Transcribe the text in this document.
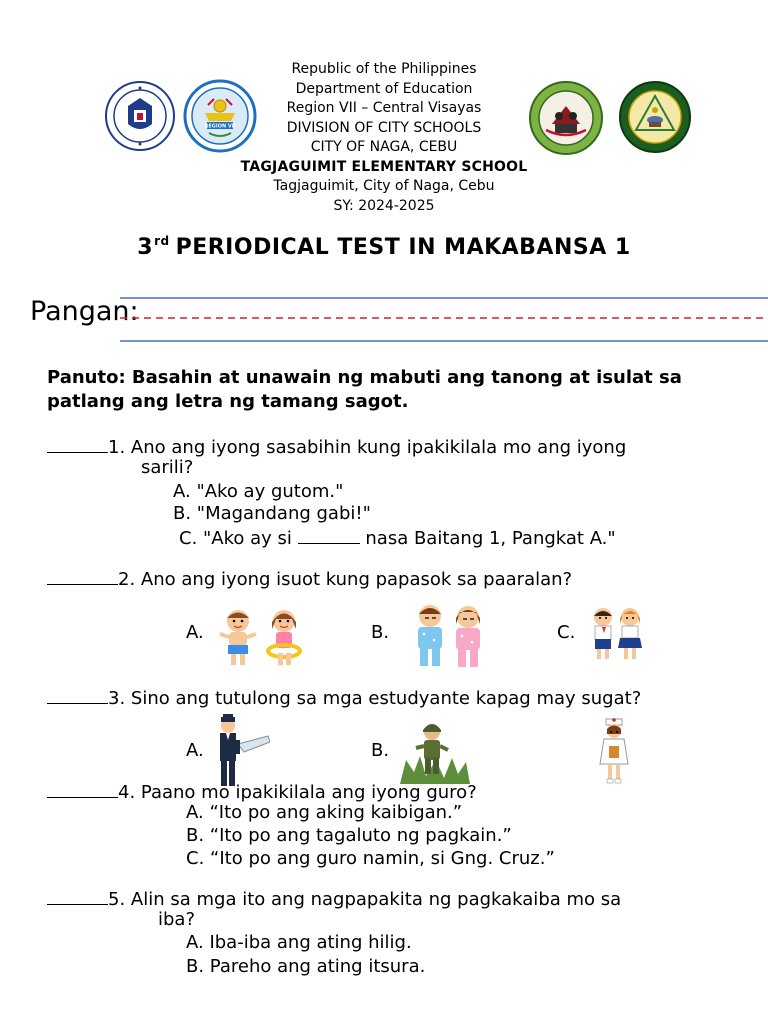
REGION VII
Republic of the Philippines
Department of Education
Region VII – Central Visayas
DIVISION OF CITY SCHOOLS
CITY OF NAGA, CEBU
TAGJAGUIMIT ELEMENTARY SCHOOL
Tagjaguimit, City of Naga, Cebu
SY: 2024-2025
3rd PERIODICAL TEST IN MAKABANSA 1
Pangan:
Panuto: Basahin at unawain ng mabuti ang tanong at isulat sa patlang ang letra ng tamang sagot.
1. Ano ang iyong sasabihin kung ipakikilala mo ang iyong
sarili?
A. "Ako ay gutom."
B. "Magandang gabi!"
C. "Ako ay si	nasa Baitang 1, Pangkat A."
2. Ano ang iyong isuot kung papasok sa paaralan?
A.	B.	C.
3. Sino ang tutulong sa mga estudyante kapag may sugat?
A.	B.
4. Paano mo ipakikilala ang iyong guro?
A. “Ito po ang aking kaibigan.”
B. “Ito po ang tagaluto ng pagkain.”
C. “Ito po ang guro namin, si Gng. Cruz.”
5. Alin sa mga ito ang nagpapakita ng pagkakaiba mo sa
iba?
A. Iba-iba ang ating hilig.
B. Pareho ang ating itsura.
